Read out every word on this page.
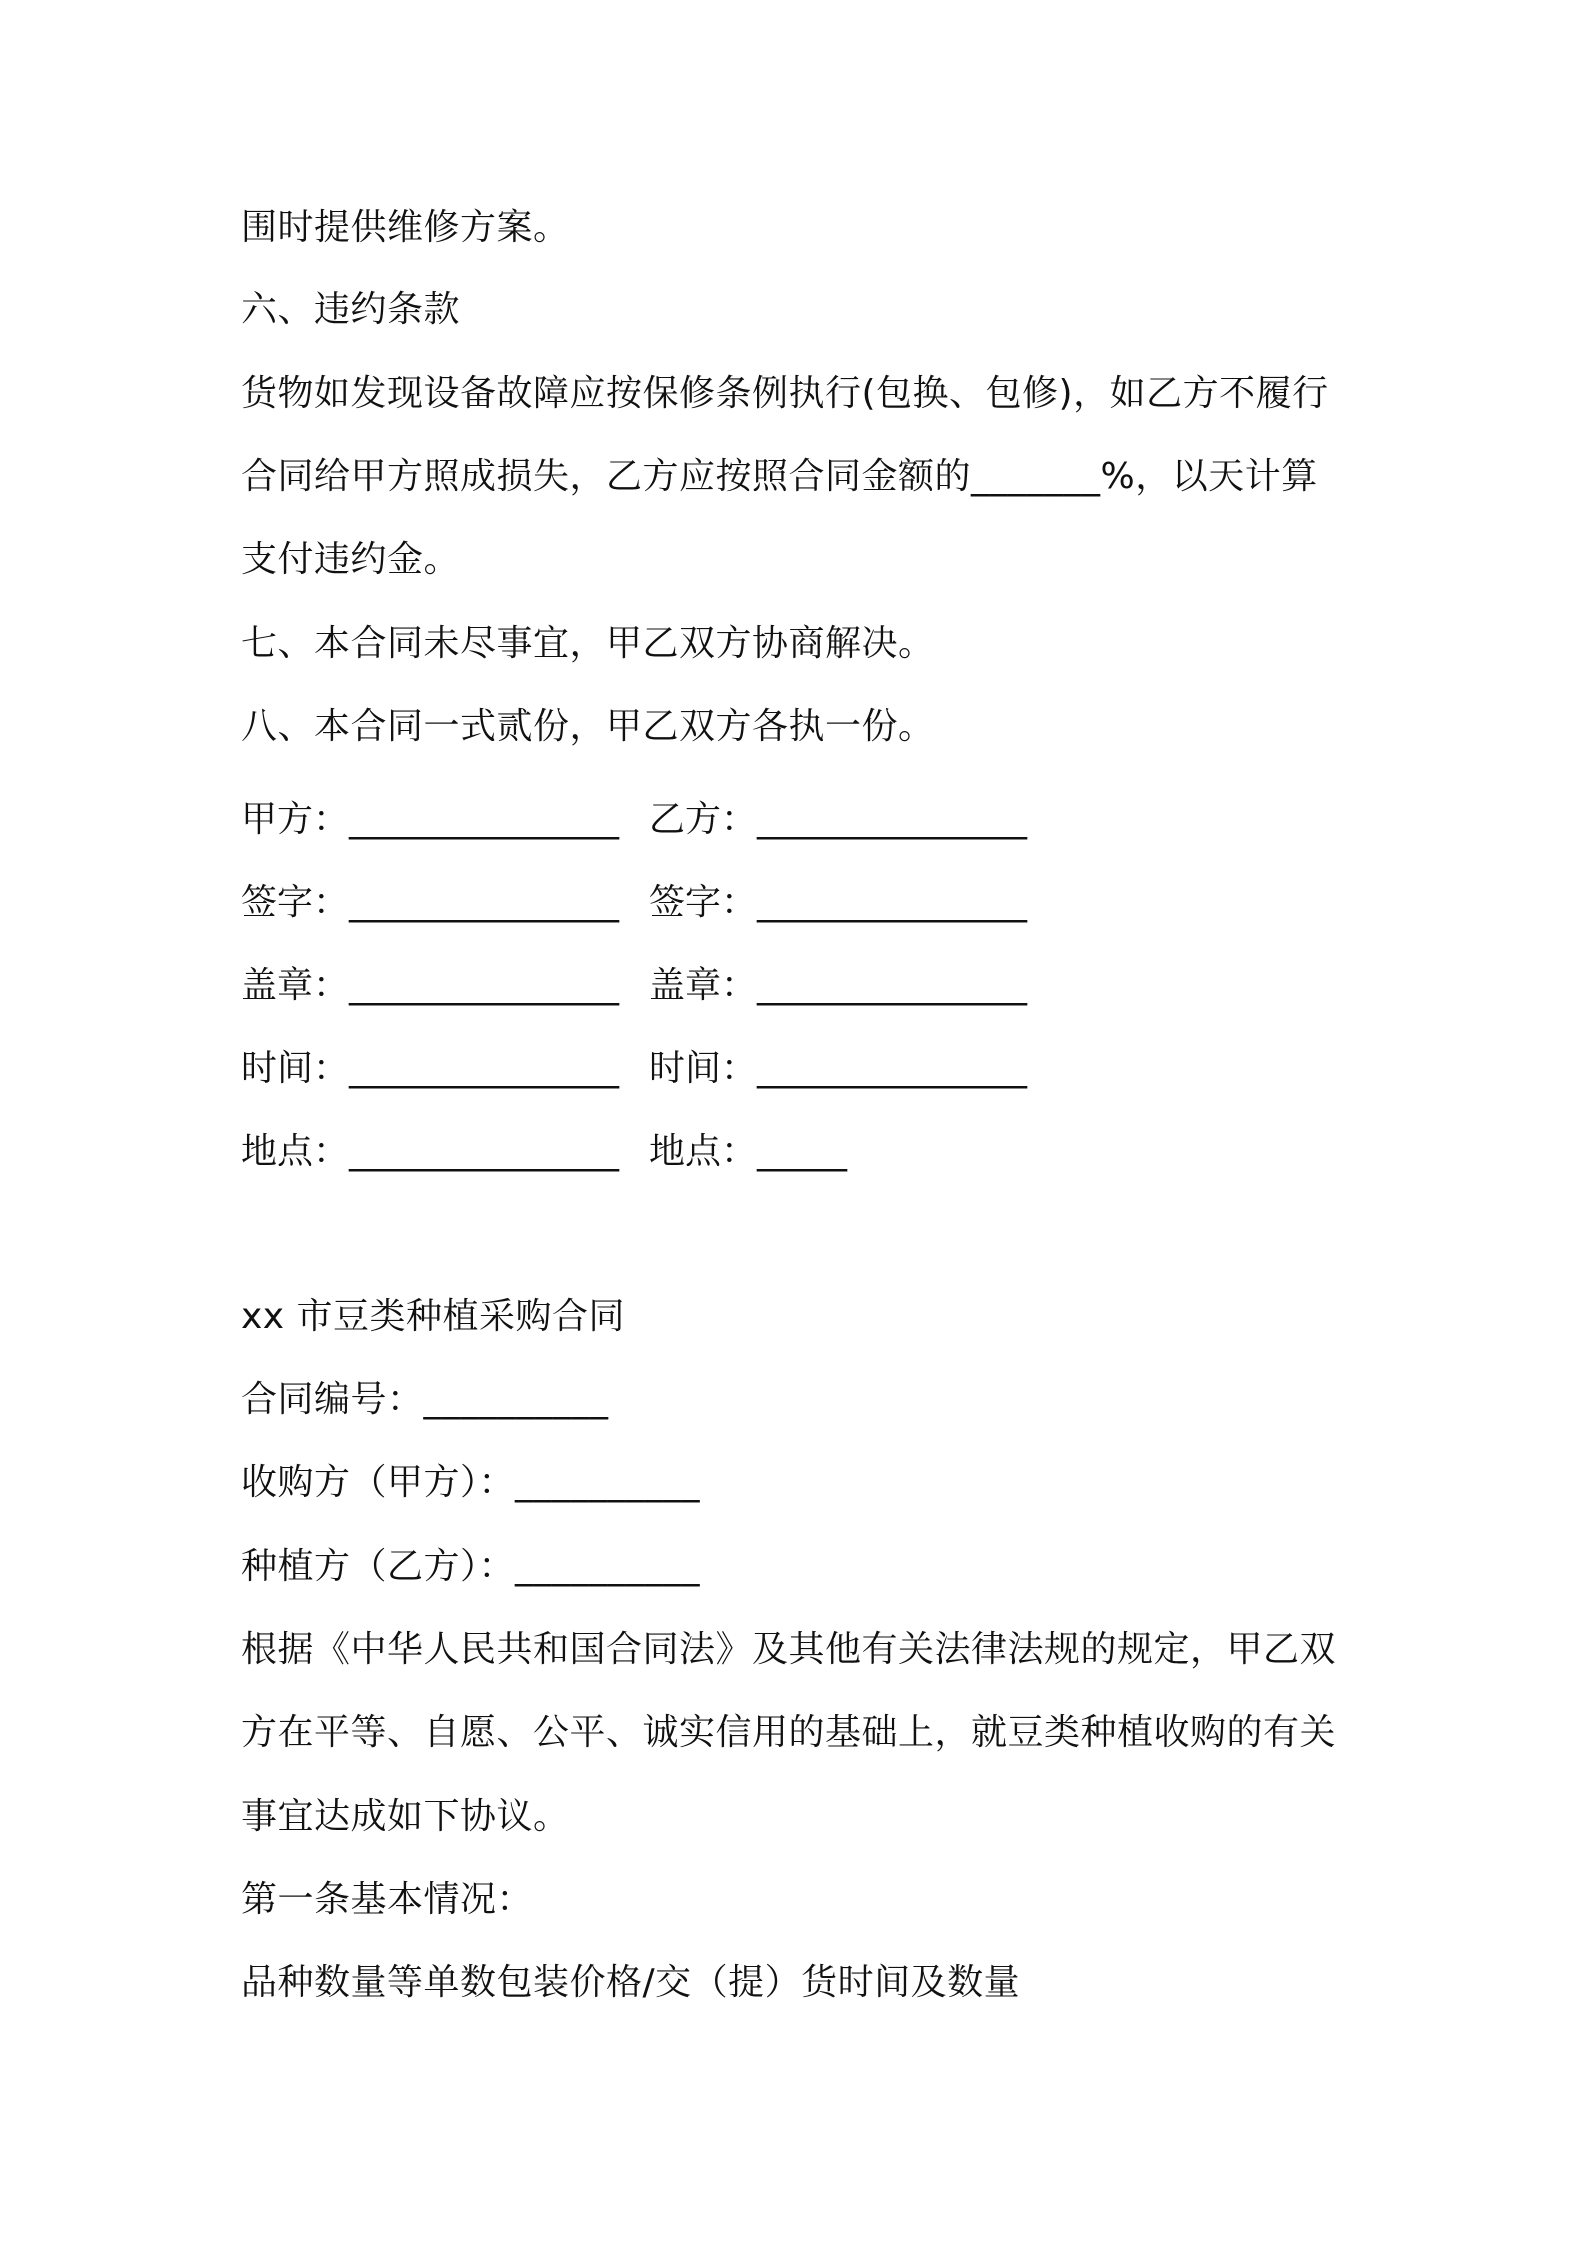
围时提供维修方案。
六、违约条款
货物如发现设备故障应按保修条例执行(包换、包修)，如乙方不履行
合同给甲方照成损失，乙方应按照合同金额的_______%，以天计算
支付违约金。
七、本合同未尽事宜，甲乙双方协商解决。
八、本合同一式贰份，甲乙双方各执一份。
甲方：_______________ 乙方：_______________
签字：_______________ 签字：_______________
盖章：_______________ 盖章：_______________
时间：_______________ 时间：_______________
地点：_______________ 地点：_____
xx 市豆类种植采购合同
合同编号：__________
收购方（甲方）：__________
种植方（乙方）：__________
根据《中华人民共和国合同法》及其他有关法律法规的规定，甲乙双
方在平等、自愿、公平、诚实信用的基础上，就豆类种植收购的有关
事宜达成如下协议。
第一条基本情况：
品种数量等单数包装价格/交（提）货时间及数量
